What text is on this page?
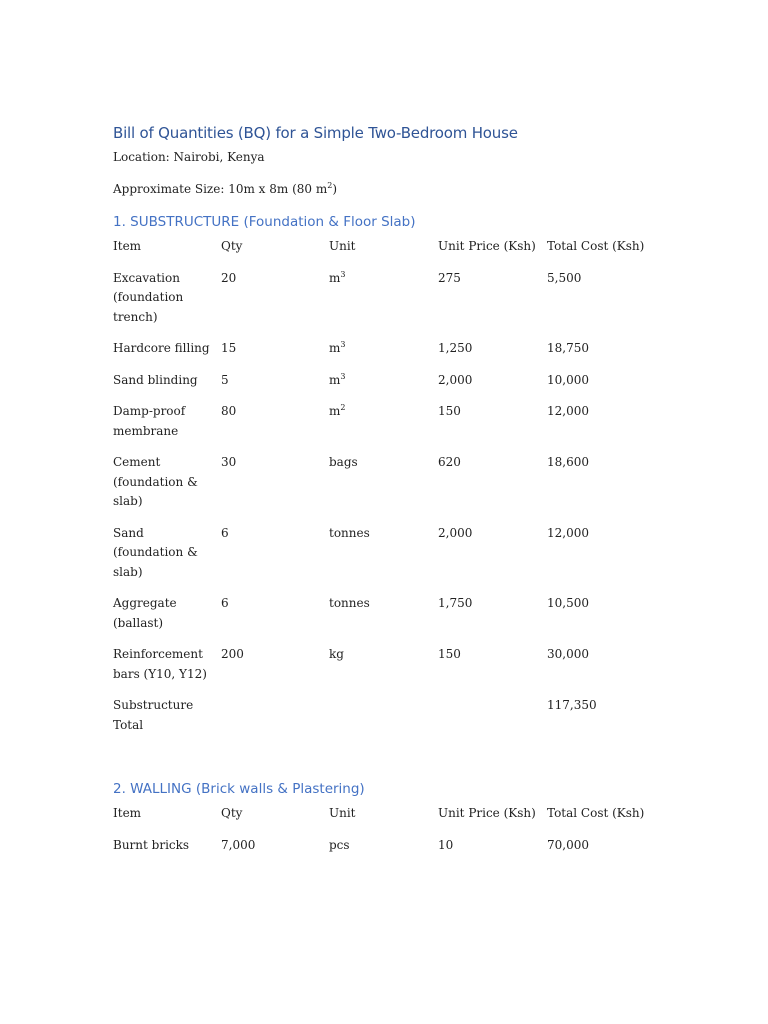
Bill of Quantities (BQ) for a Simple Two-Bedroom House
Location: Nairobi, Kenya
Approximate Size: 10m x 8m (80 $m^2$)
1. SUBSTRUCTURE (Foundation & Floor Slab)
Item	Qty	Unit	Unit Price (Ksh)	Total Cost (Ksh)
Excavation (foundation trench)	20	$m^3$	275	5,500
Hardcore filling	15	$m^3$	1,250	18,750
Sand blinding	5	$m^3$	2,000	10,000
Damp-proof membrane	80	$m^2$	150	12,000
Cement (foundation & slab)	30	bags	620	18,600
Sand (foundation & slab)	6	tonnes	2,000	12,000
Aggregate (ballast)	6	tonnes	1,750	10,500
Reinforcement bars (Y10, Y12)	200	kg	150	30,000
Substructure Total				117,350
2. WALLING (Brick walls & Plastering)
Item	Qty	Unit	Unit Price (Ksh)	Total Cost (Ksh)
Burnt bricks	7,000	pcs	10	70,000
